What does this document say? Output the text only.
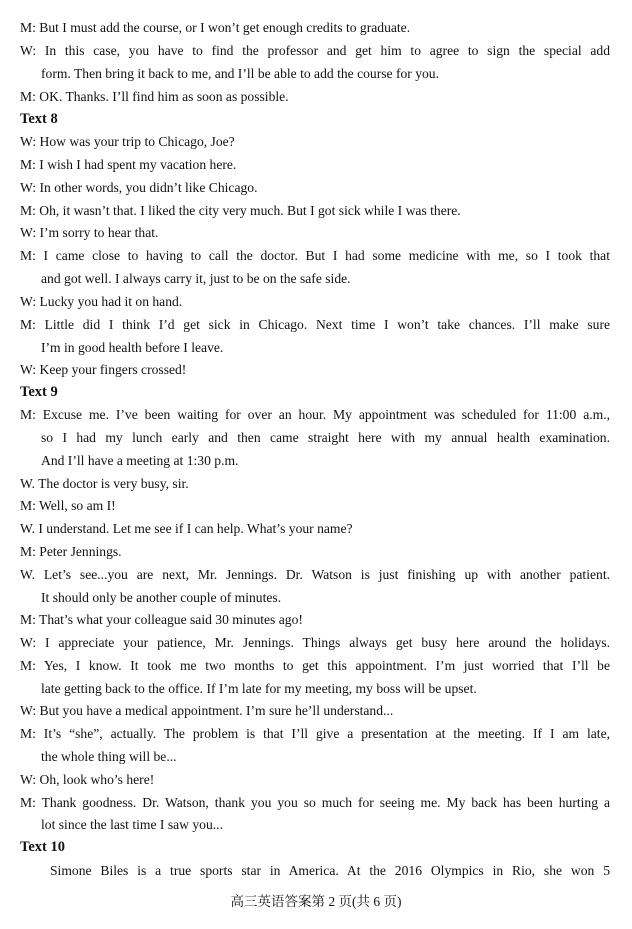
M: But I must add the course, or I won’t get enough credits to graduate.
W: In this case, you have to find the professor and get him to agree to sign the special add
form. Then bring it back to me, and I’ll be able to add the course for you.
M: OK. Thanks. I’ll find him as soon as possible.
Text 8
W: How was your trip to Chicago, Joe?
M: I wish I had spent my vacation here.
W: In other words, you didn’t like Chicago.
M: Oh, it wasn’t that. I liked the city very much. But I got sick while I was there.
W: I’m sorry to hear that.
M: I came close to having to call the doctor. But I had some medicine with me, so I took that
and got well. I always carry it, just to be on the safe side.
W: Lucky you had it on hand.
M: Little did I think I’d get sick in Chicago. Next time I won’t take chances. I’ll make sure
I’m in good health before I leave.
W: Keep your fingers crossed!
Text 9
M: Excuse me. I’ve been waiting for over an hour. My appointment was scheduled for 11:00 a.m.,
so I had my lunch early and then came straight here with my annual health examination.
And I’ll have a meeting at 1:30 p.m.
W. The doctor is very busy, sir.
M: Well, so am I!
W. I understand. Let me see if I can help. What’s your name?
M: Peter Jennings.
W. Let’s see...you are next, Mr. Jennings. Dr. Watson is just finishing up with another patient.
It should only be another couple of minutes.
M: That’s what your colleague said 30 minutes ago!
W: I appreciate your patience, Mr. Jennings. Things always get busy here around the holidays.
M: Yes, I know. It took me two months to get this appointment. I’m just worried that I’ll be
late getting back to the office. If I’m late for my meeting, my boss will be upset.
W: But you have a medical appointment. I’m sure he’ll understand...
M: It’s “she”, actually. The problem is that I’ll give a presentation at the meeting. If I am late,
the whole thing will be...
W: Oh, look who’s here!
M: Thank goodness. Dr. Watson, thank you you so much for seeing me. My back has been hurting a
lot since the last time I saw you...
Text 10
Simone Biles is a true sports star in America. At the 2016 Olympics in Rio, she won 5
高三英语答案第 2 页(共 6 页)
